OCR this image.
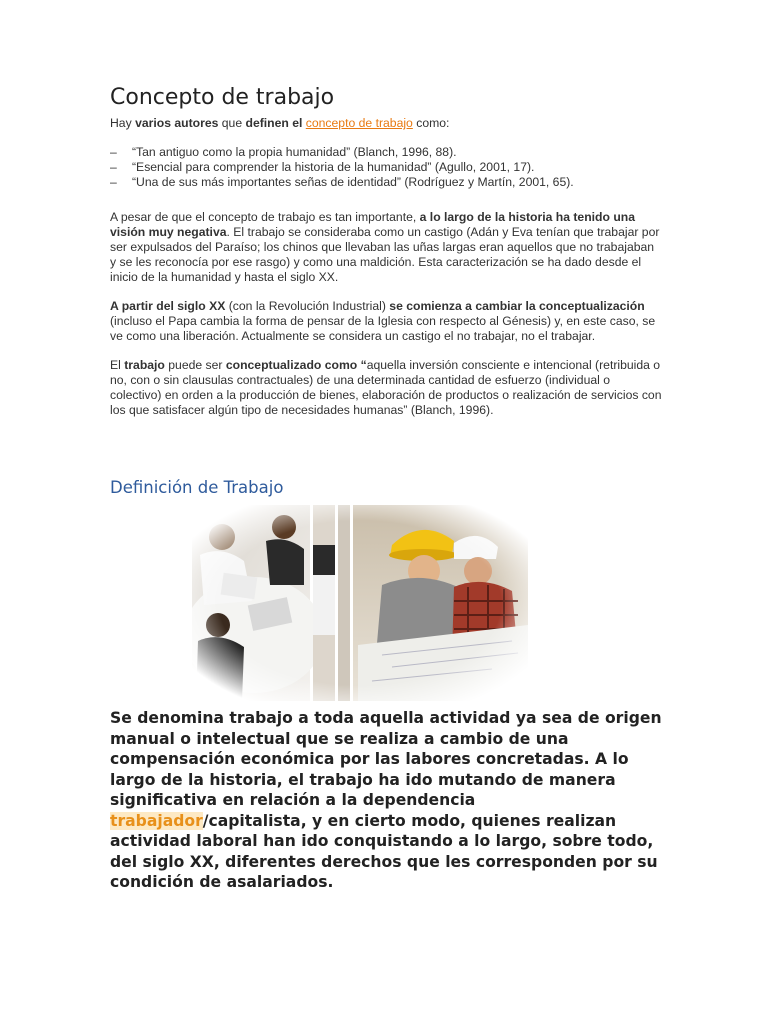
Concepto de trabajo

Hay varios autores que definen el concepto de trabajo como:

– “Tan antiguo como la propia humanidad” (Blanch, 1996, 88).
– “Esencial para comprender la historia de la humanidad” (Agullo, 2001, 17).
– “Una de sus más importantes señas de identidad” (Rodríguez y Martín, 2001, 65).

A pesar de que el concepto de trabajo es tan importante, a lo largo de la historia ha tenido una visión muy negativa. El trabajo se consideraba como un castigo (Adán y Eva tenían que trabajar por ser expulsados del Paraíso; los chinos que llevaban las uñas largas eran aquellos que no trabajaban y se les reconocía por ese rasgo) y como una maldición. Esta caracterización se ha dado desde el inicio de la humanidad y hasta el siglo XX.

A partir del siglo XX (con la Revolución Industrial) se comienza a cambiar la conceptualización (incluso el Papa cambia la forma de pensar de la Iglesia con respecto al Génesis) y, en este caso, se ve como una liberación. Actualmente se considera un castigo el no trabajar, no el trabajar.

El trabajo puede ser conceptualizado como “aquella inversión consciente e intencional (retribuida o no, con o sin clausulas contractuales) de una determinada cantidad de esfuerzo (individual o colectivo) en orden a la producción de bienes, elaboración de productos o realización de servicios con los que satisfacer algún tipo de necesidades humanas” (Blanch, 1996).

Definición de Trabajo

Se denomina trabajo a toda aquella actividad ya sea de origen manual o intelectual que se realiza a cambio de una compensación económica por las labores concretadas. A lo largo de la historia, el trabajo ha ido mutando de manera significativa en relación a la dependencia trabajador/capitalista, y en cierto modo, quienes realizan actividad laboral han ido conquistando a lo largo, sobre todo, del siglo XX, diferentes derechos que les corresponden por su condición de asalariados.
